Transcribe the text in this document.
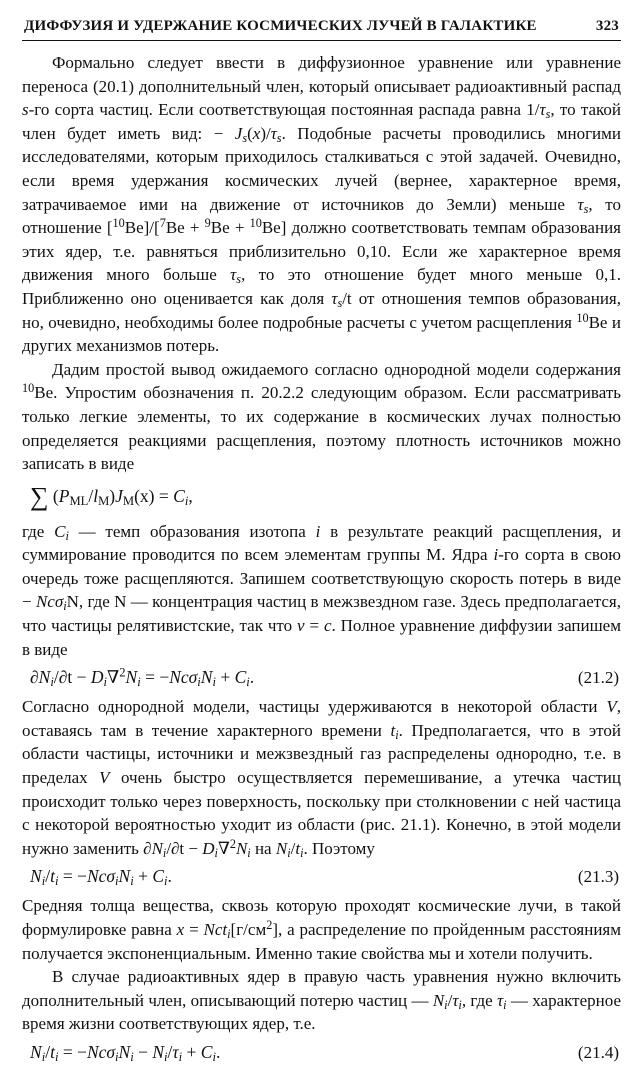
ДИФФУЗИЯ И УДЕРЖАНИЕ КОСМИЧЕСКИХ ЛУЧЕЙ В ГАЛАКТИКЕ	323

Формально следует ввести в диффузионное уравнение или уравнение переноса (20.1) дополнительный член, который описывает радиоактивный распад s-го сорта частиц. Если соответствующая постоянная распада равна $1/\tau_s$, то такой член будет иметь вид: − $J_s(x)/\tau_s$. Подобные расчеты проводились многими исследователями, которым приходилось сталкиваться с этой задачей. Очевидно, если время удержания космических лучей (вернее, характерное время, затрачиваемое ими на движение от источников до Земли) меньше $\tau_s$, то отношение [$^{10}$Be]/[$^7$Be + $^9$Be + $^{10}$Be] должно соответствовать темпам образования этих ядер, т.е. равняться приблизительно 0,10. Если же характерное время движения много больше $\tau_s$, то это отношение будет много меньше 0,1. Приближенно оно оценивается как доля $\tau_s/t$ от отношения темпов образования, но, очевидно, необходимы более подробные расчеты с учетом расщепления $^{10}$Be и других механизмов потерь.

Дадим простой вывод ожидаемого согласно однородной модели содержания $^{10}$Be. Упростим обозначения п. 20.2.2 следующим образом. Если рассматривать только легкие элементы, то их содержание в космических лучах полностью определяется реакциями расщепления, поэтому плотность источников можно записать в виде

∑ $(P_{ML}/l_M)J_M(x) = C_i$,

где $C_i$ — темп образования изотопа i в результате реакций расщепления, и суммирование проводится по всем элементам группы М. Ядра i-го сорта в свою очередь тоже расщепляются. Запишем соответствующую скорость потерь в виде − Ncσ$_i$N, где N — концентрация частиц в межзвездном газе. Здесь предполагается, что частицы релятивистские, так что v = c. Полное уравнение диффузии запишем в виде

$\partial N_i/\partial t - D_i\nabla^2N_i = -Nc\sigma_iN_i + C_i$.	(21.2)

Согласно однородной модели, частицы удерживаются в некоторой области V, оставаясь там в течение характерного времени $t_i$. Предполагается, что в этой области частицы, источники и межзвездный газ распределены однородно, т.е. в пределах V очень быстро осуществляется перемешивание, а утечка частиц происходит только через поверхность, поскольку при столкновении с ней частица с некоторой вероятностью уходит из области (рис. 21.1). Конечно, в этой модели нужно заменить $\partial N_i/\partial t - D_i\nabla^2N_i$ на $N_i/t_i$. Поэтому

$N_i/t_i = -Nc\sigma_iN_i + C_i$.	(21.3)

Средняя толща вещества, сквозь которую проходят космические лучи, в такой формулировке равна $x = Nct_i[г/см^2]$, а распределение по пройденным расстояниям получается экспоненциальным. Именно такие свойства мы и хотели получить.

В случае радиоактивных ядер в правую часть уравнения нужно включить дополнительный член, описывающий потерю частиц — $N_i/\tau_i$, где $\tau_i$ — характерное время жизни соответствующих ядер, т.е.

$N_i/t_i = -Nc\sigma_iN_i - N_i/\tau_i + C_i$.	(21.4)
